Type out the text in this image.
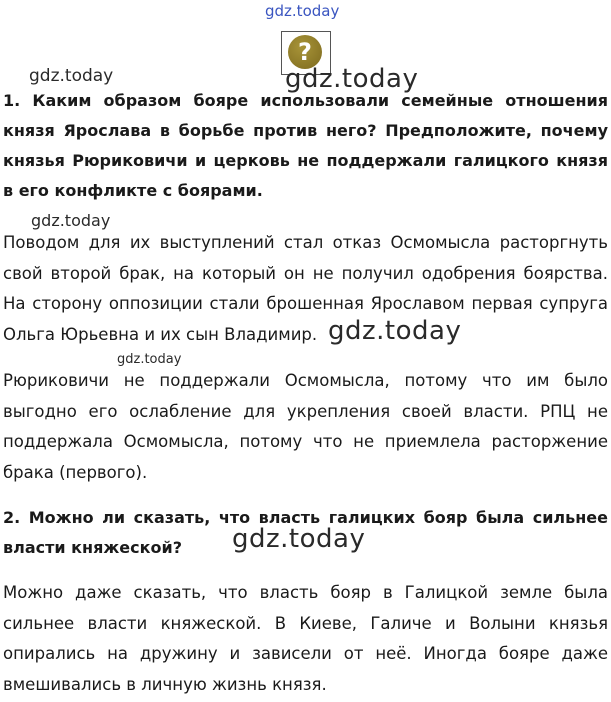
gdz.today
?
gdz.today	gdz.today
gdz.today
gdz.today

1. Каким образом бояре использовали семейные отношения князя Ярослава в борьбе против него? Предположите, почему князья Рюриковичи и церковь не поддержали галицкого князя в его конфликте с боярами.

Поводом для их выступлений стал отказ Осмомысла расторгнуть свой второй брак, на который он не получил одобрения боярства. На сторону оппозиции стали брошенная Ярославом первая супруга Ольга Юрьевна и их сын Владимир. gdz.today

Рюриковичи не поддержали Осмомысла, потому что им было выгодно его ослабление для укрепления своей власти. РПЦ не поддержала Осмомысла, потому что не приемлела расторжение брака (первого).

2. Можно ли сказать, что власть галицких бояр была сильнее власти княжеской?	gdz.today

Можно даже сказать, что власть бояр в Галицкой земле была сильнее власти княжеской. В Киеве, Галиче и Волыни князья опирались на дружину и зависели от неё. Иногда бояре даже вмешивались в личную жизнь князя.
